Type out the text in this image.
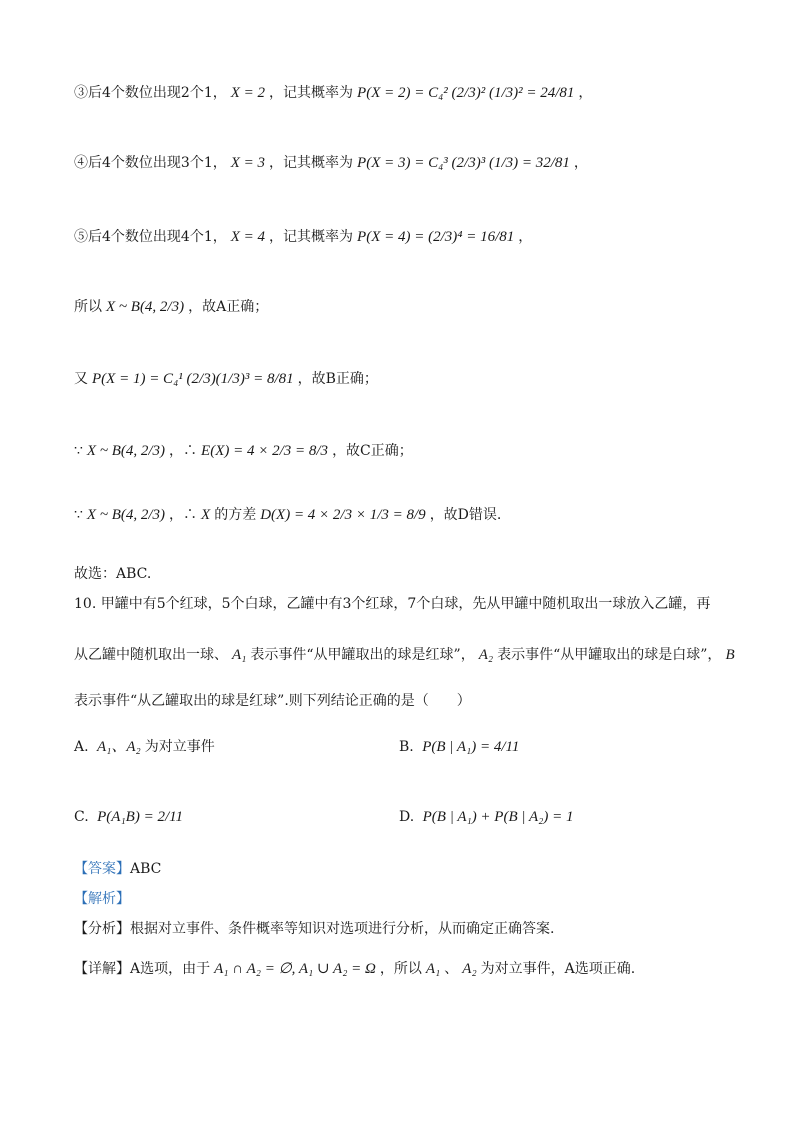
③后4个数位出现2个1， X = 2 ，记其概率为 P(X = 2) = C₄² (2/3)² (1/3)² = 24/81 ，
④后4个数位出现3个1， X = 3 ，记其概率为 P(X = 3) = C₄³ (2/3)³ (1/3) = 32/81 ，
⑤后4个数位出现4个1， X = 4 ，记其概率为 P(X = 4) = (2/3)⁴ = 16/81 ，
所以 X ~ B(4, 2/3) ，故A正确；
又 P(X = 1) = C₄¹ (2/3)(1/3)³ = 8/81 ，故B正确；
∵ X ~ B(4, 2/3) ，∴ E(X) = 4 × 2/3 = 8/3 ，故C正确；
∵ X ~ B(4, 2/3) ，∴ X 的方差 D(X) = 4 × 2/3 × 1/3 = 8/9 ，故D错误.
故选：ABC.
10. 甲罐中有5个红球，5个白球，乙罐中有3个红球，7个白球，先从甲罐中随机取出一球放入乙罐，再
从乙罐中随机取出一球、 A₁ 表示事件“从甲罐取出的球是红球”， A₂ 表示事件“从甲罐取出的球是白球”， B
表示事件“从乙罐取出的球是红球”.则下列结论正确的是（　　）
A. A₁、A₂ 为对立事件	B. P(B | A₁) = 4/11
C. P(A₁B) = 2/11	D. P(B | A₁) + P(B | A₂) = 1
【答案】ABC
【解析】
【分析】根据对立事件、条件概率等知识对选项进行分析，从而确定正确答案.
【详解】A选项，由于 A₁ ∩ A₂ = ∅, A₁ ∪ A₂ = Ω ，所以 A₁ 、 A₂ 为对立事件，A选项正确.
